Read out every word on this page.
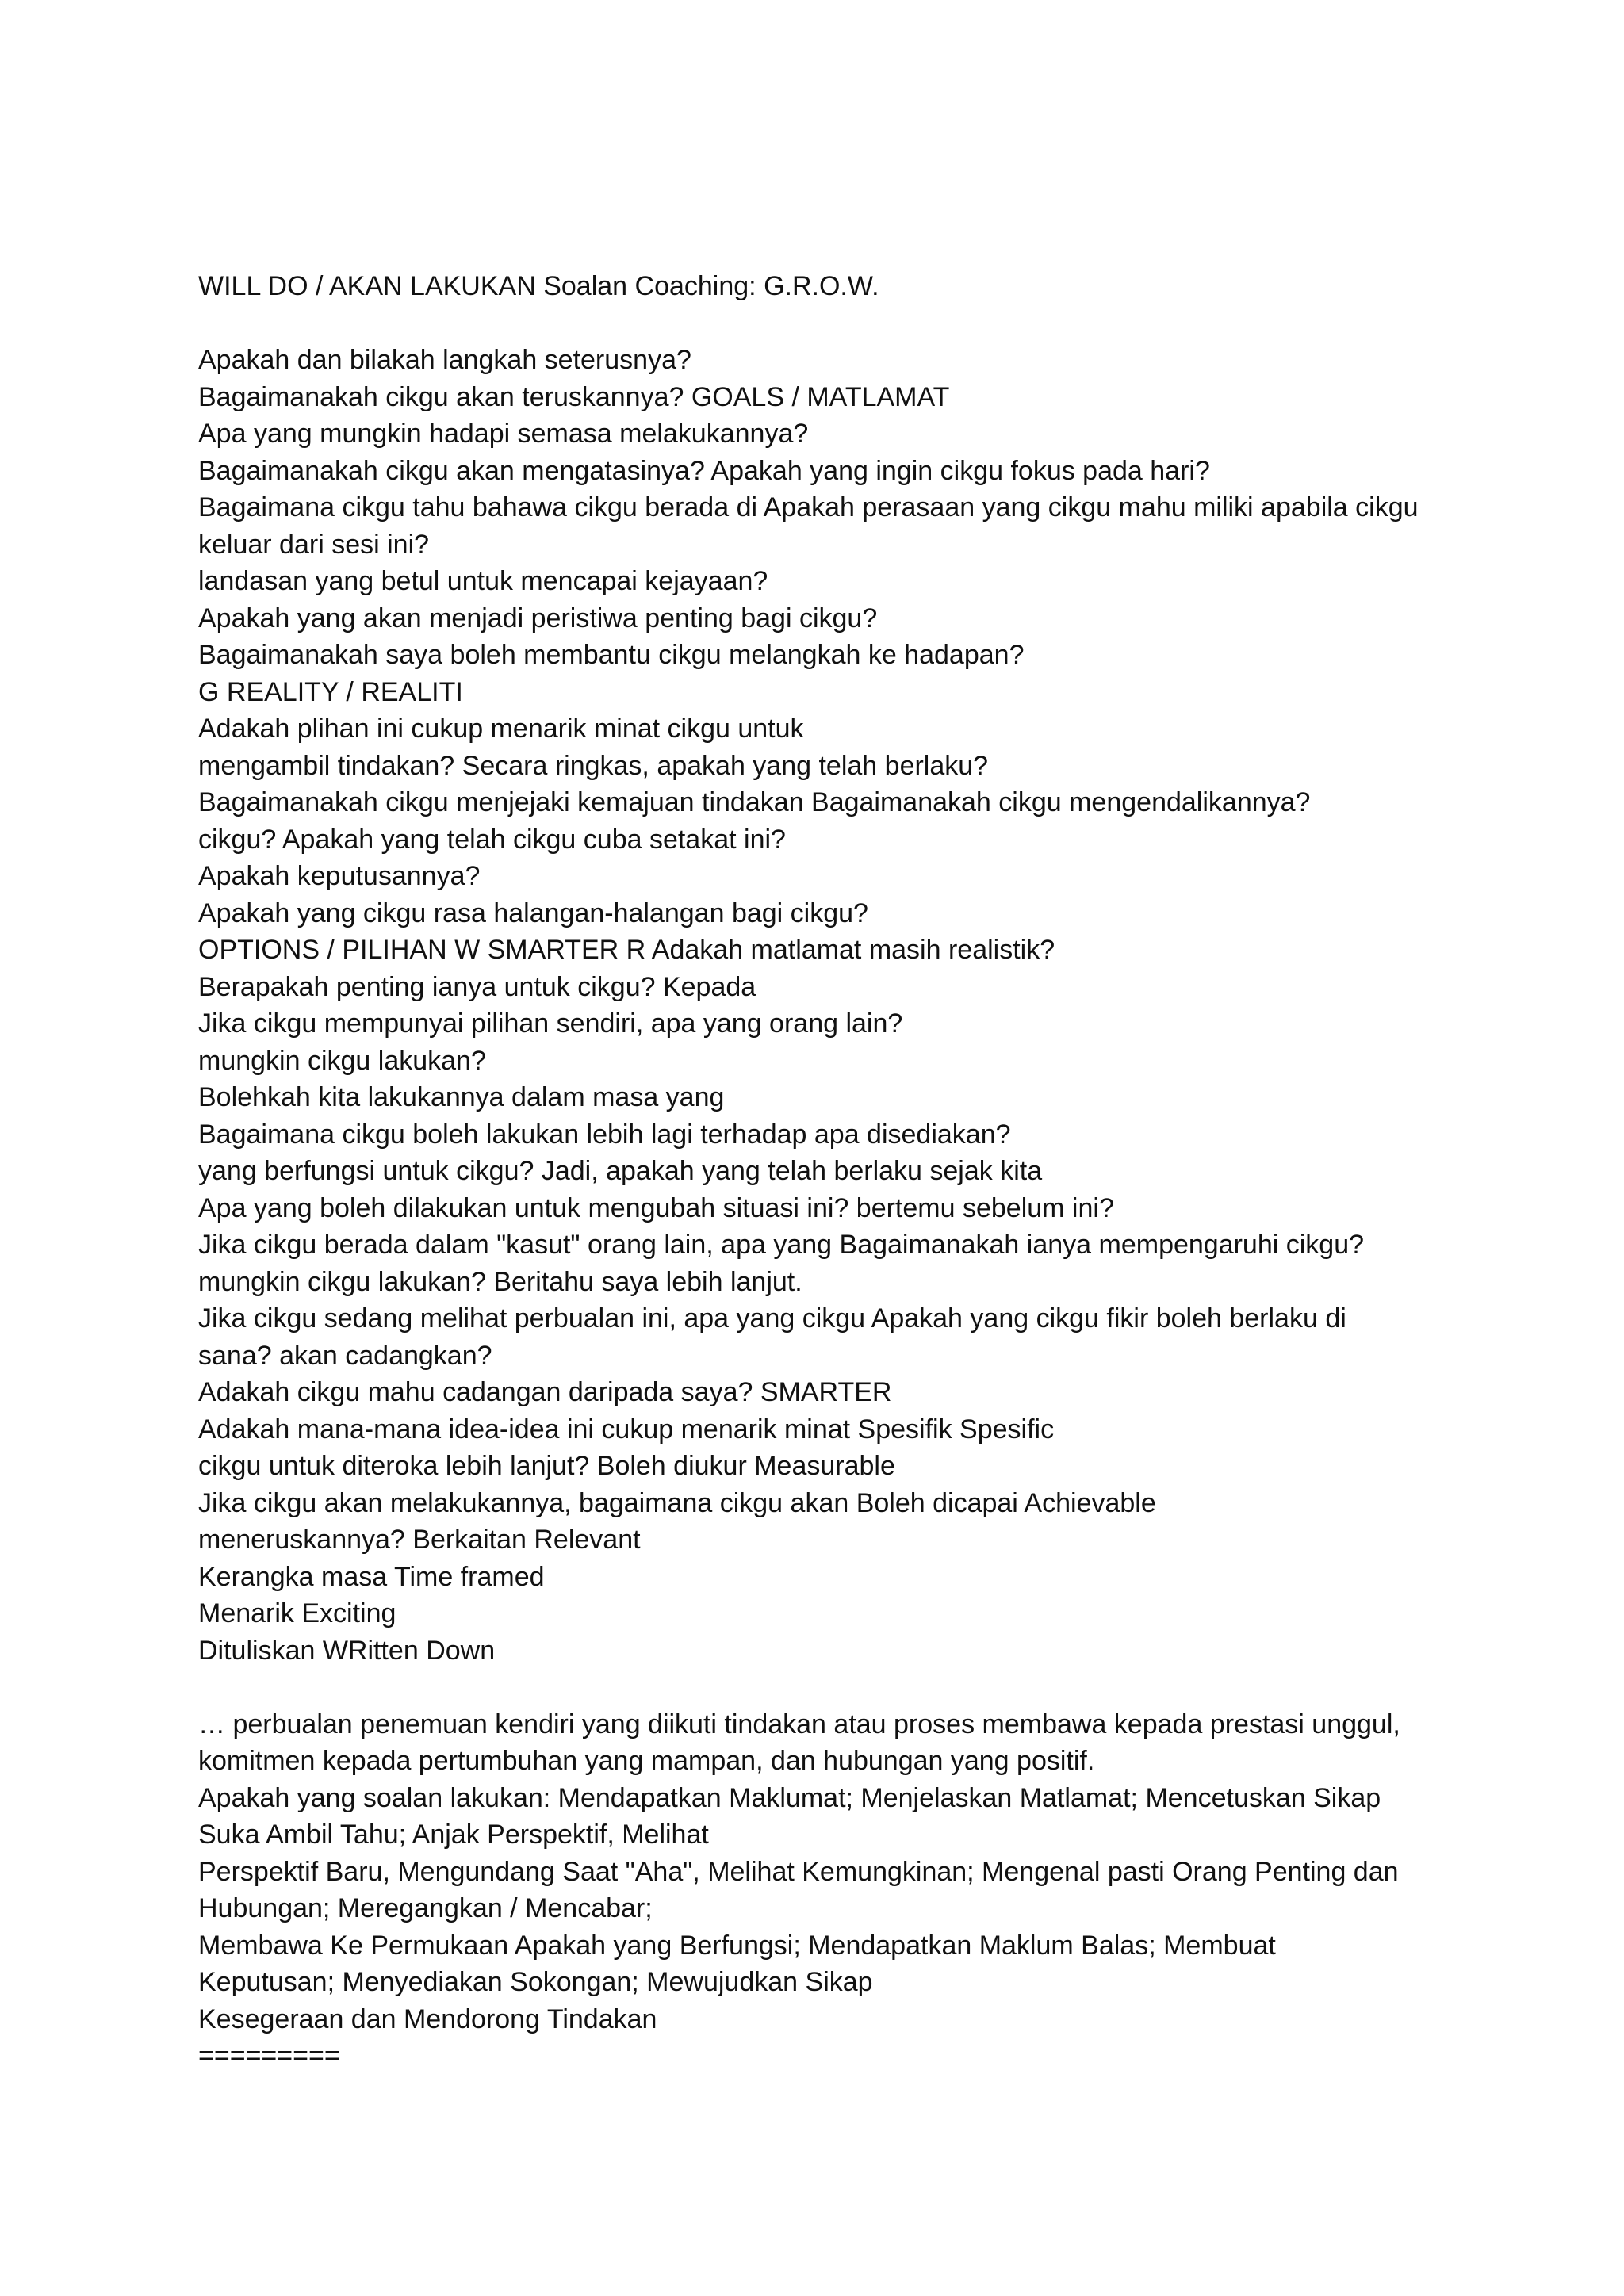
WILL DO / AKAN LAKUKAN Soalan Coaching: G.R.O.W.

Apakah dan bilakah langkah seterusnya?

Bagaimanakah cikgu akan teruskannya? GOALS / MATLAMAT

Apa yang mungkin hadapi semasa melakukannya?

Bagaimanakah cikgu akan mengatasinya? Apakah yang ingin cikgu fokus pada hari?

Bagaimana cikgu tahu bahawa cikgu berada di Apakah perasaan yang cikgu mahu miliki apabila cikgu

keluar dari sesi ini?

landasan yang betul untuk mencapai kejayaan?

Apakah yang akan menjadi peristiwa penting bagi cikgu?

Bagaimanakah saya boleh membantu cikgu melangkah ke hadapan?

G REALITY / REALITI

Adakah plihan ini cukup menarik minat cikgu untuk

mengambil tindakan? Secara ringkas, apakah yang telah berlaku?

Bagaimanakah cikgu menjejaki kemajuan tindakan Bagaimanakah cikgu mengendalikannya?

cikgu? Apakah yang telah cikgu cuba setakat ini?

Apakah keputusannya?

Apakah yang cikgu rasa halangan-halangan bagi cikgu?

OPTIONS / PILIHAN W SMARTER R Adakah matlamat masih realistik?

Berapakah penting ianya untuk cikgu? Kepada

Jika cikgu mempunyai pilihan sendiri, apa yang orang lain?

mungkin cikgu lakukan?

Bolehkah kita lakukannya dalam masa yang

Bagaimana cikgu boleh lakukan lebih lagi terhadap apa disediakan?

yang berfungsi untuk cikgu? Jadi, apakah yang telah berlaku sejak kita

Apa yang boleh dilakukan untuk mengubah situasi ini? bertemu sebelum ini?

Jika cikgu berada dalam "kasut" orang lain, apa yang Bagaimanakah ianya mempengaruhi cikgu?

mungkin cikgu lakukan? Beritahu saya lebih lanjut.

Jika cikgu sedang melihat perbualan ini, apa yang cikgu Apakah yang cikgu fikir boleh berlaku di

sana? akan cadangkan?

Adakah cikgu mahu cadangan daripada saya? SMARTER

Adakah mana-mana idea-idea ini cukup menarik minat Spesifik Spesific

cikgu untuk diteroka lebih lanjut? Boleh diukur Measurable

Jika cikgu akan melakukannya, bagaimana cikgu akan Boleh dicapai Achievable

meneruskannya? Berkaitan Relevant

Kerangka masa Time framed

Menarik Exciting

Dituliskan WRitten Down

… perbualan penemuan kendiri yang diikuti tindakan atau proses membawa kepada prestasi unggul,

komitmen kepada pertumbuhan yang mampan, dan hubungan yang positif.

Apakah yang soalan lakukan: Mendapatkan Maklumat; Menjelaskan Matlamat; Mencetuskan Sikap

Suka Ambil Tahu; Anjak Perspektif, Melihat

Perspektif Baru, Mengundang Saat "Aha", Melihat Kemungkinan; Mengenal pasti Orang Penting dan

Hubungan; Meregangkan / Mencabar;

Membawa Ke Permukaan Apakah yang Berfungsi; Mendapatkan Maklum Balas; Membuat

Keputusan; Menyediakan Sokongan; Mewujudkan Sikap

Kesegeraan dan Mendorong Tindakan

=========
